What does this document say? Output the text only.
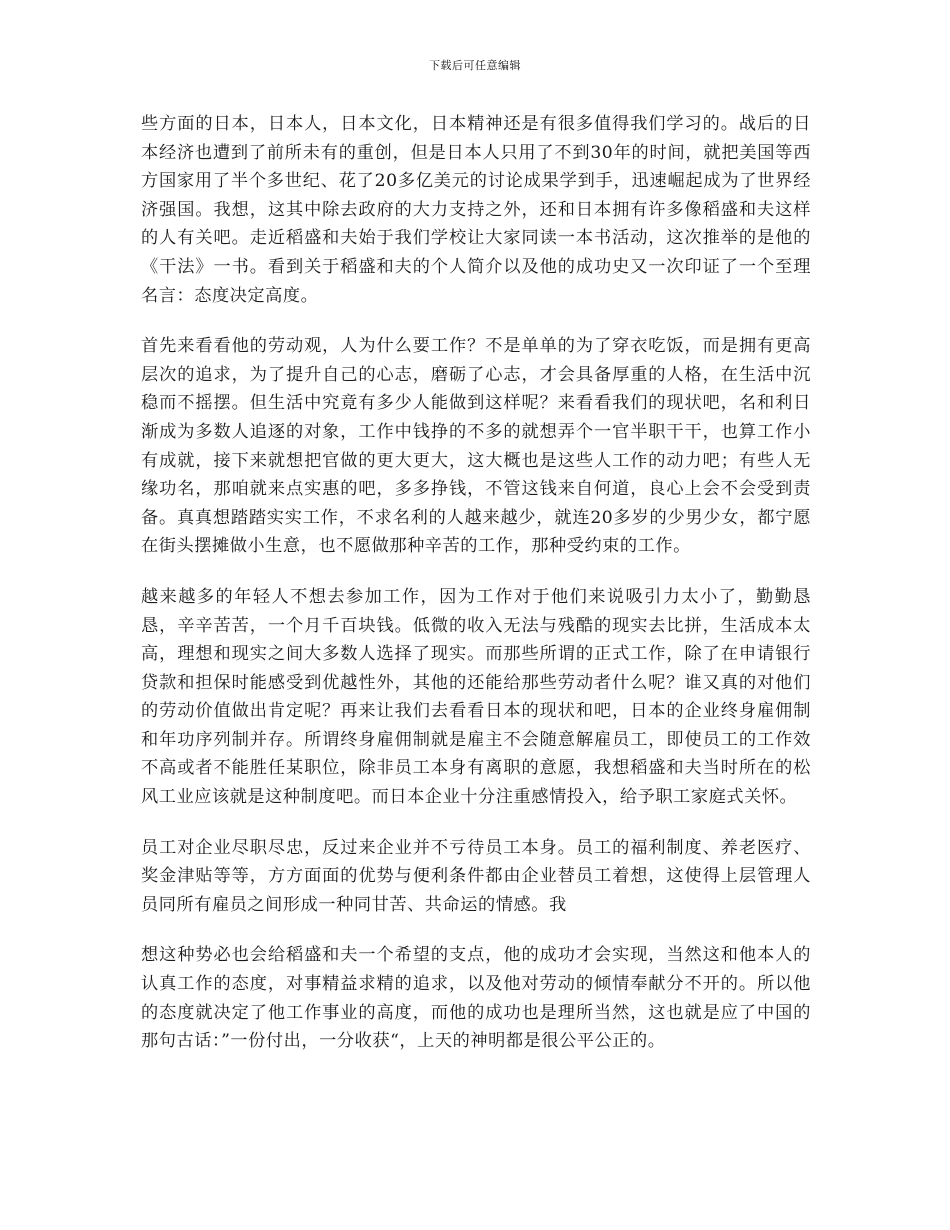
下载后可任意编辑

些方面的日本，日本人，日本文化，日本精神还是有很多值得我们学习的。战后的日本经济也遭到了前所未有的重创，但是日本人只用了不到30年的时间，就把美国等西方国家用了半个多世纪、花了20多亿美元的讨论成果学到手，迅速崛起成为了世界经济强国。我想，这其中除去政府的大力支持之外，还和日本拥有许多像稻盛和夫这样的人有关吧。走近稻盛和夫始于我们学校让大家同读一本书活动，这次推举的是他的《干法》一书。看到关于稻盛和夫的个人简介以及他的成功史又一次印证了一个至理名言：态度决定高度。

首先来看看他的劳动观，人为什么要工作？不是单单的为了穿衣吃饭，而是拥有更高层次的追求，为了提升自己的心志，磨砺了心志，才会具备厚重的人格，在生活中沉稳而不摇摆。但生活中究竟有多少人能做到这样呢？来看看我们的现状吧，名和利日渐成为多数人追逐的对象，工作中钱挣的不多的就想弄个一官半职干干，也算工作小有成就，接下来就想把官做的更大更大，这大概也是这些人工作的动力吧；有些人无缘功名，那咱就来点实惠的吧，多多挣钱，不管这钱来自何道，良心上会不会受到责备。真真想踏踏实实工作，不求名利的人越来越少，就连20多岁的少男少女，都宁愿在街头摆摊做小生意，也不愿做那种辛苦的工作，那种受约束的工作。

越来越多的年轻人不想去参加工作，因为工作对于他们来说吸引力太小了，勤勤恳恳，辛辛苦苦，一个月千百块钱。低微的收入无法与残酷的现实去比拼，生活成本太高，理想和现实之间大多数人选择了现实。而那些所谓的正式工作，除了在申请银行贷款和担保时能感受到优越性外，其他的还能给那些劳动者什么呢？谁又真的对他们的劳动价值做出肯定呢？再来让我们去看看日本的现状和吧，日本的企业终身雇佣制和年功序列制并存。所谓终身雇佣制就是雇主不会随意解雇员工，即使员工的工作效不高或者不能胜任某职位，除非员工本身有离职的意愿，我想稻盛和夫当时所在的松风工业应该就是这种制度吧。而日本企业十分注重感情投入，给予职工家庭式关怀。

员工对企业尽职尽忠，反过来企业并不亏待员工本身。员工的福利制度、养老医疗、奖金津贴等等，方方面面的优势与便利条件都由企业替员工着想，这使得上层管理人员同所有雇员之间形成一种同甘苦、共命运的情感。我

想这种势必也会给稻盛和夫一个希望的支点，他的成功才会实现，当然这和他本人的认真工作的态度，对事精益求精的追求，以及他对劳动的倾情奉献分不开的。所以他的态度就决定了他工作事业的高度，而他的成功也是理所当然，这也就是应了中国的那句古话：”一份付出，一分收获“，上天的神明都是很公平公正的。
